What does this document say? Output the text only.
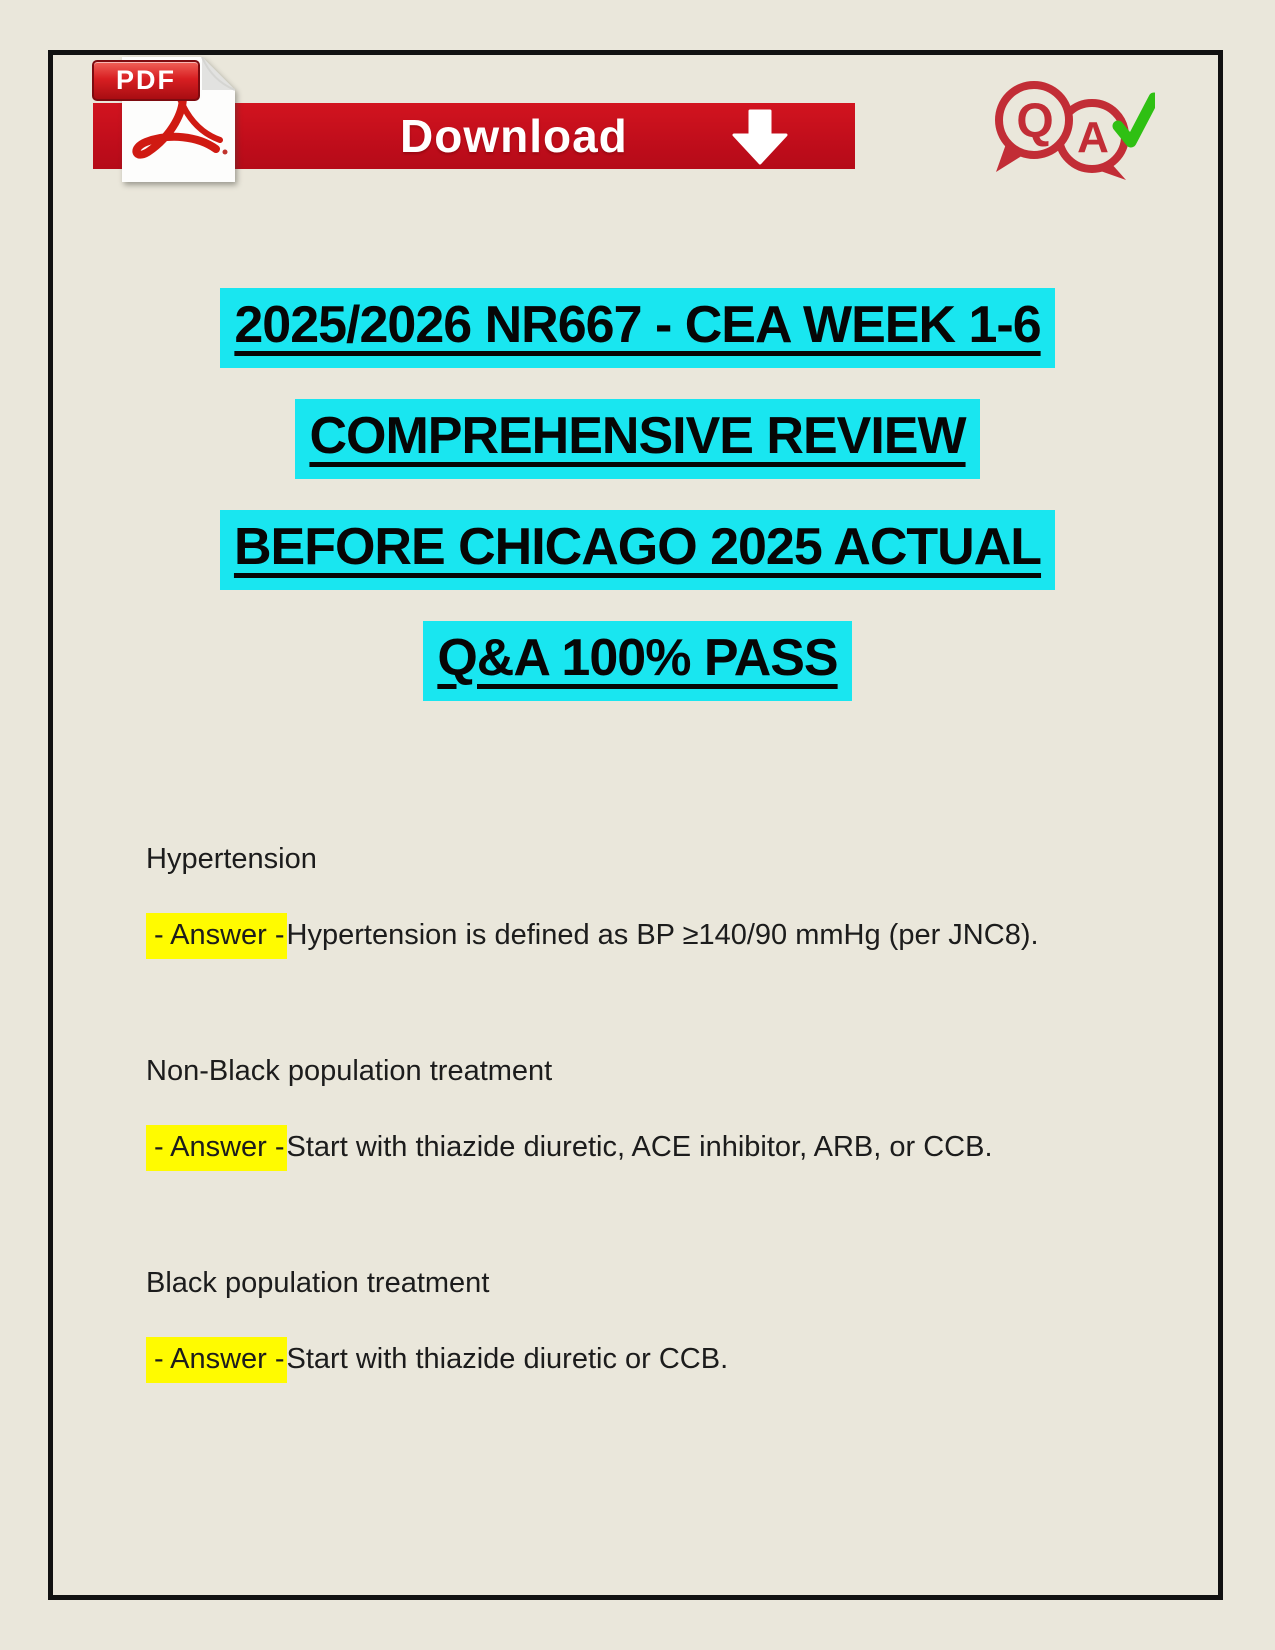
Download
PDF
A
Q
2025/2026 NR667 - CEA WEEK 1-6
COMPREHENSIVE REVIEW
BEFORE CHICAGO 2025 ACTUAL
Q&A 100% PASS
Hypertension
- Answer -Hypertension is defined as BP ≥140/90 mmHg (per JNC8).
Non-Black population treatment
- Answer -Start with thiazide diuretic, ACE inhibitor, ARB, or CCB.
Black population treatment
- Answer -Start with thiazide diuretic or CCB.
